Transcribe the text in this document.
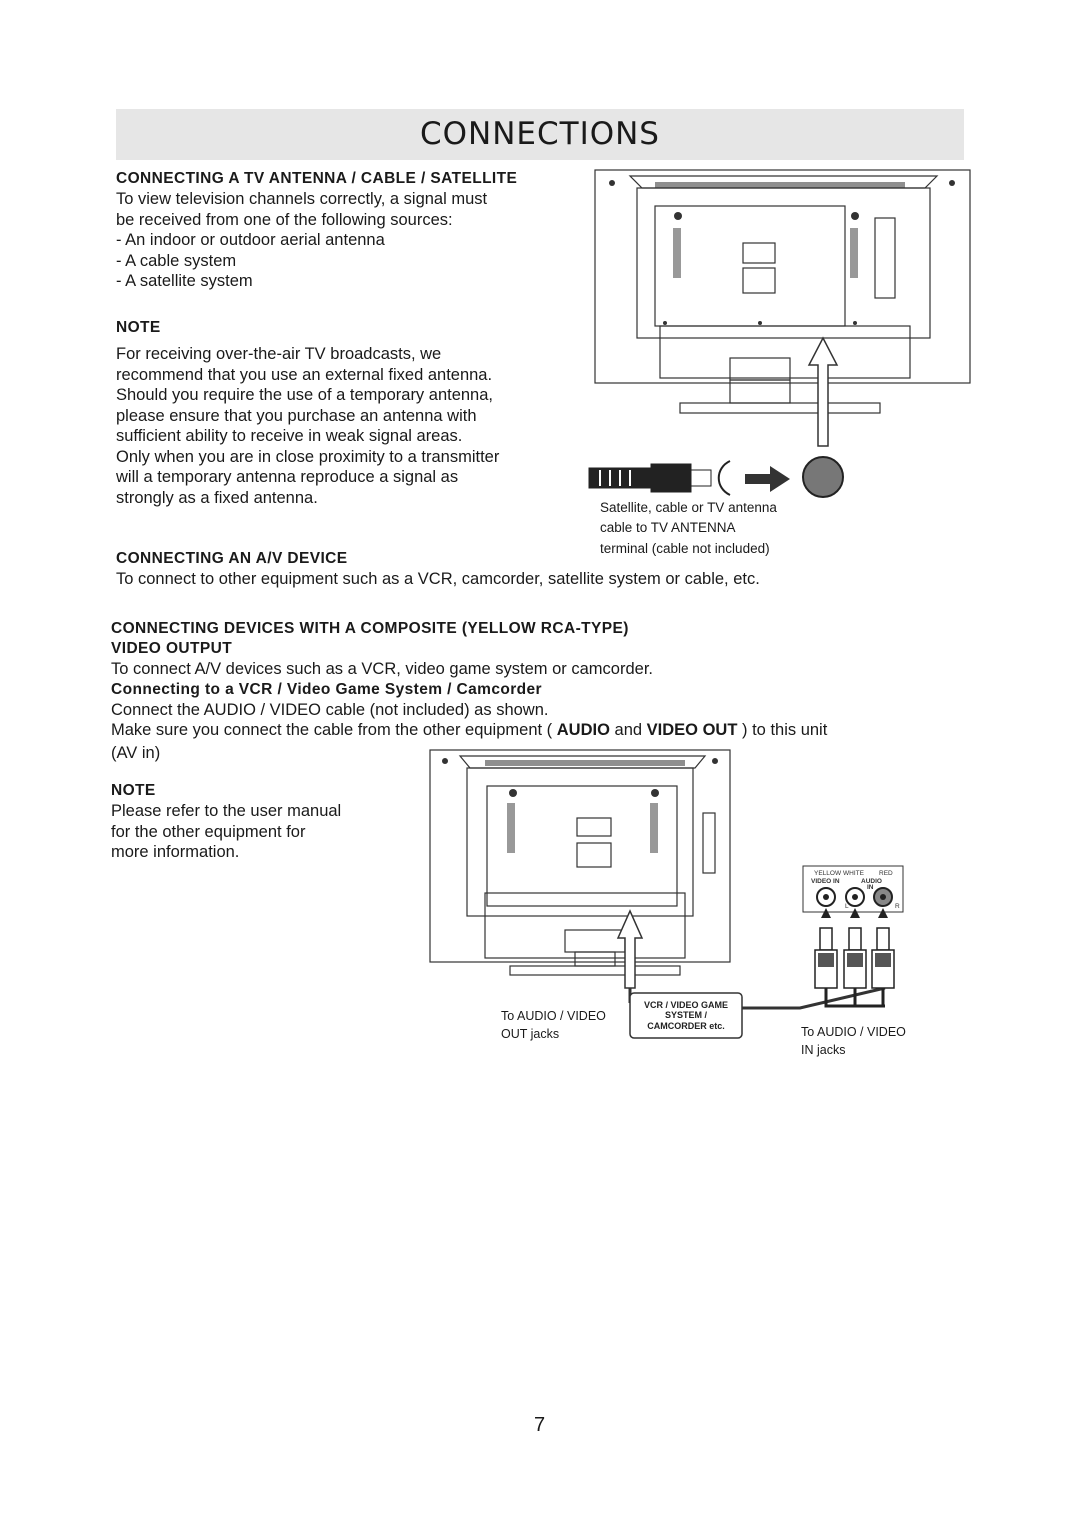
CONNECTIONS
CONNECTING A TV ANTENNA / CABLE / SATELLITE
To view television channels correctly, a signal must
be received from one of the following sources:
- An indoor or outdoor aerial antenna
- A cable system
- A satellite system
NOTE
For receiving over-the-air TV broadcasts, we
recommend that you use an external fixed antenna.
Should you require the use of a temporary antenna,
please ensure that you purchase an antenna with
sufficient ability to receive in weak signal areas.
Only when you are in close proximity to a transmitter
will a temporary antenna reproduce a signal as
strongly as a fixed antenna.
Satellite, cable or TV antenna
cable to TV ANTENNA
terminal (cable not included)
CONNECTING AN A/V DEVICE
To connect to other equipment such as a VCR, camcorder, satellite system or cable, etc.
CONNECTING DEVICES WITH A COMPOSITE (YELLOW RCA-TYPE)
VIDEO OUTPUT
To connect A/V devices such as a VCR, video game system or camcorder.
Connecting to a VCR / Video Game System / Camcorder
Connect the AUDIO / VIDEO cable (not included) as shown.
Make sure you connect the cable from the other equipment ( AUDIO and VIDEO OUT ) to this unit
(AV in)
NOTE
Please refer to the user manual
for the other equipment for
more information.
YELLOW WHITE RED
VIDEO IN	AUDIO
IN
L	R
VCR / VIDEO GAME
SYSTEM /
CAMCORDER etc.
To AUDIO / VIDEO
OUT jacks	To AUDIO / VIDEO
IN jacks
7
